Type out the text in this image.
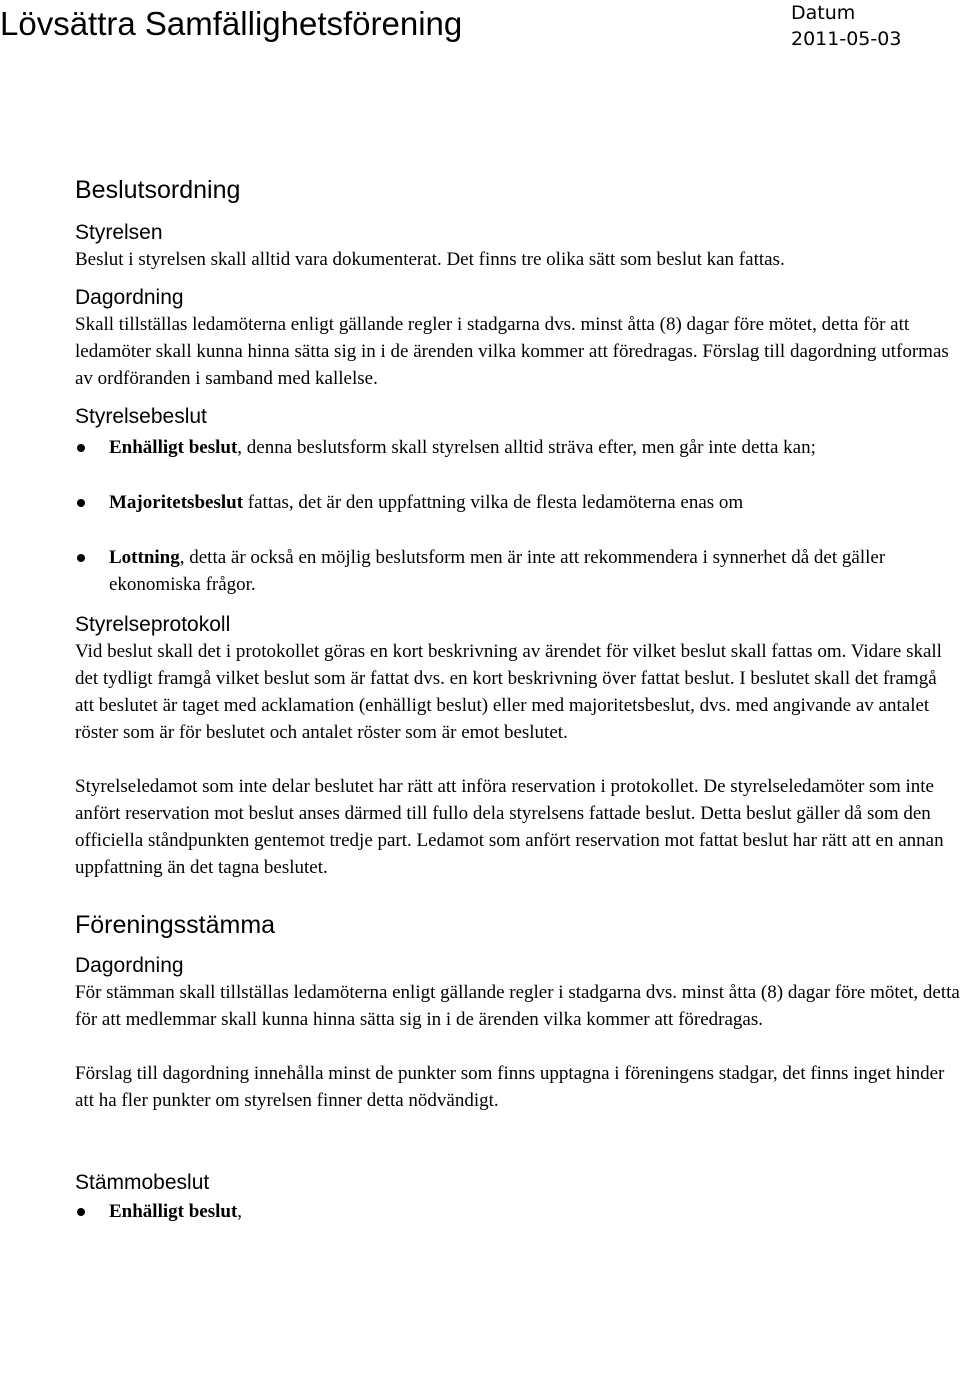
Lövsättra Samfällighetsförening	Datum
2011-05-03
Beslutsordning
Styrelsen

Beslut i styrelsen skall alltid vara dokumenterat. Det finns tre olika sätt som beslut kan fattas.

Dagordning

Skall tillställas ledamöterna enligt gällande regler i stadgarna dvs. minst åtta (8) dagar före mötet, detta för att ledamöter skall kunna hinna sätta sig in i de ärenden vilka kommer att föredragas. Förslag till dagordning utformas av ordföranden i samband med kallelse.

Styrelsebeslut
Enhälligt beslut, denna beslutsform skall styrelsen alltid sträva efter, men går inte detta kan;
Majoritetsbeslut fattas, det är den uppfattning vilka de flesta ledamöterna enas om
Lottning, detta är också en möjlig beslutsform men är inte att rekommendera i synnerhet då det gäller ekonomiska frågor.
Styrelseprotokoll

Vid beslut skall det i protokollet göras en kort beskrivning av ärendet för vilket beslut skall fattas om. Vidare skall det tydligt framgå vilket beslut som är fattat dvs. en kort beskrivning över fattat beslut. I beslutet skall det framgå att beslutet är taget med acklamation (enhälligt beslut) eller med majoritetsbeslut, dvs. med angivande av antalet röster som är för beslutet och antalet röster som är emot beslutet.

Styrelseledamot som inte delar beslutet har rätt att införa reservation i protokollet. De styrelseledamöter som inte anfört reservation mot beslut anses därmed till fullo dela styrelsens fattade beslut. Detta beslut gäller då som den officiella ståndpunkten gentemot tredje part. Ledamot som anfört reservation mot fattat beslut har rätt att en annan uppfattning än det tagna beslutet.

Föreningsstämma
Dagordning

För stämman skall tillställas ledamöterna enligt gällande regler i stadgarna dvs. minst åtta (8) dagar före mötet, detta för att medlemmar skall kunna hinna sätta sig in i de ärenden vilka kommer att föredragas.

Förslag till dagordning innehålla minst de punkter som finns upptagna i föreningens stadgar, det finns inget hinder att ha fler punkter om styrelsen finner detta nödvändigt.

Stämmobeslut
Enhälligt beslut,
